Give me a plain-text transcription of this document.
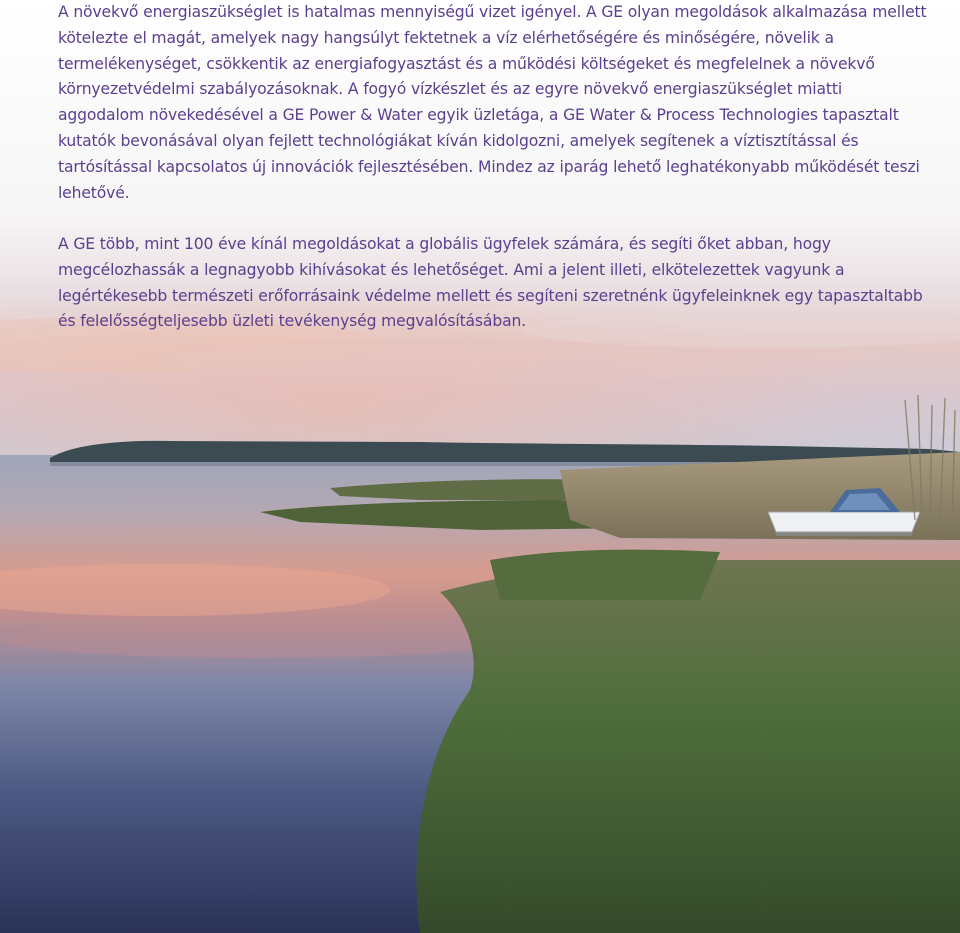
A növekvő energiaszükséglet is hatalmas mennyiségű vizet igényel. A GE olyan megoldások alkalmazása mellett kötelezte el magát, amelyek nagy hangsúlyt fektetnek a víz elérhetőségére és minőségére, növelik a termelékenységet, csökkentik az energiafogyasztást és a működési költségeket és megfelelnek a növekvő környezetvédelmi szabályozásoknak. A fogyó vízkészlet és az egyre növekvő energiaszükséglet miatti aggodalom növekedésével a GE Power & Water egyik üzletága, a GE Water & Process Technologies tapasztalt kutatók bevonásával olyan fejlett technológiákat kíván kidolgozni, amelyek segítenek a víztisztítással és tartósítással kapcsolatos új innovációk fejlesztésében. Mindez az iparág lehető leghatékonyabb működését teszi lehetővé.

A GE több, mint 100 éve kínál megoldásokat a globális ügyfelek számára, és segíti őket abban, hogy megcélozhassák a legnagyobb kihívásokat és lehetőséget. Ami a jelent illeti, elkötelezettek vagyunk a legértékesebb természeti erőforrásaink védelme mellett és segíteni szeretnénk ügyfeleinknek egy tapasztaltabb és felelősségteljesebb üzleti tevékenység megvalósításában.
